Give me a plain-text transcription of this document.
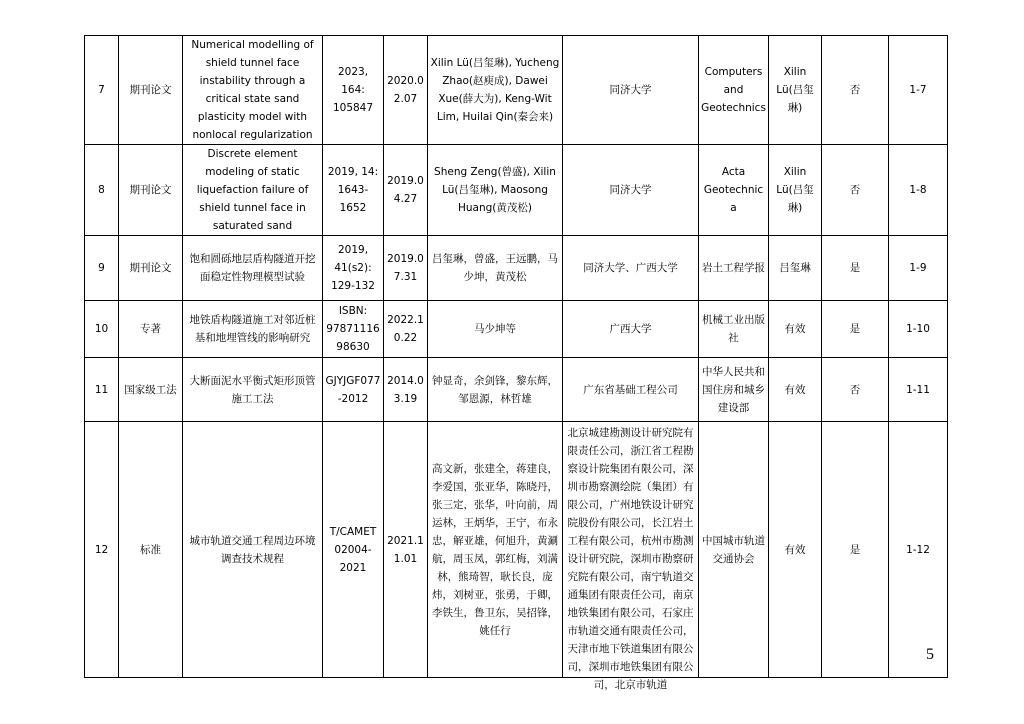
7	期刊论文	Numerical modelling of shield tunnel face instability through a critical state sand plasticity model with nonlocal regularization	2023, 164: 105847	2020.02.07	Xilin Lü(吕玺琳), Yucheng Zhao(赵庾成), Dawei Xue(薛大为), Keng-Wit Lim, Huilai Qin(秦会来)	同济大学	Computers and Geotechnics	Xilin Lü(吕玺琳)	否	1-7
8	期刊论文	Discrete element modeling of static liquefaction failure of shield tunnel face in saturated sand	2019, 14: 1643-1652	2019.04.27	Sheng Zeng(曾盛), Xilin Lü(吕玺琳), Maosong Huang(黄茂松)	同济大学	Acta Geotechnica	Xilin Lü(吕玺琳)	否	1-8
9	期刊论文	饱和圆砾地层盾构隧道开挖面稳定性物理模型试验	2019, 41(s2): 129-132	2019.07.31	吕玺琳，曾盛，王远鹏，马少坤，黄茂松	同济大学、广西大学	岩土工程学报	吕玺琳	是	1-9
10	专著	地铁盾构隧道施工对邻近桩基和地埋管线的影响研究	ISBN: 9787111698630	2022.10.22	马少坤等	广西大学	机械工业出版社	有效	是	1-10
11	国家级工法	大断面泥水平衡式矩形顶管施工工法	GJYJGF077-2012	2014.03.19	钟显奇，余剑锋，黎东辉，邹恩源，林哲雄	广东省基础工程公司	中华人民共和国住房和城乡建设部	有效	否	1-11
12	标准	城市轨道交通工程周边环境调查技术规程	T/CAMET 02004-2021	2021.11.01	高文新，张建全，蒋建良，李爱国，张亚华，陈晓丹，张三定，张华，叶向前，周运林，王炳华，王宁，布永忠，解亚雄，何旭升，黄涮航，周玉凤，郭红梅，刘满林，熊琦智，耿长良，庞炜，刘树亚，张勇，于卿，李铁生，鲁卫东，吴招锋，姚任行	北京城建勘测设计研究院有限责任公司，浙江省工程勘察设计院集团有限公司，深圳市勘察测绘院（集团）有限公司，广州地铁设计研究院股份有限公司，长江岩土工程有限公司，杭州市勘测设计研究院，深圳市勘察研究院有限公司，南宁轨道交通集团有限责任公司，南京地铁集团有限公司，石家庄市轨道交通有限责任公司，天津市地下铁道集团有限公司，深圳市地铁集团有限公司，北京市轨道	中国城市轨道交通协会	有效	是	1-12
5
